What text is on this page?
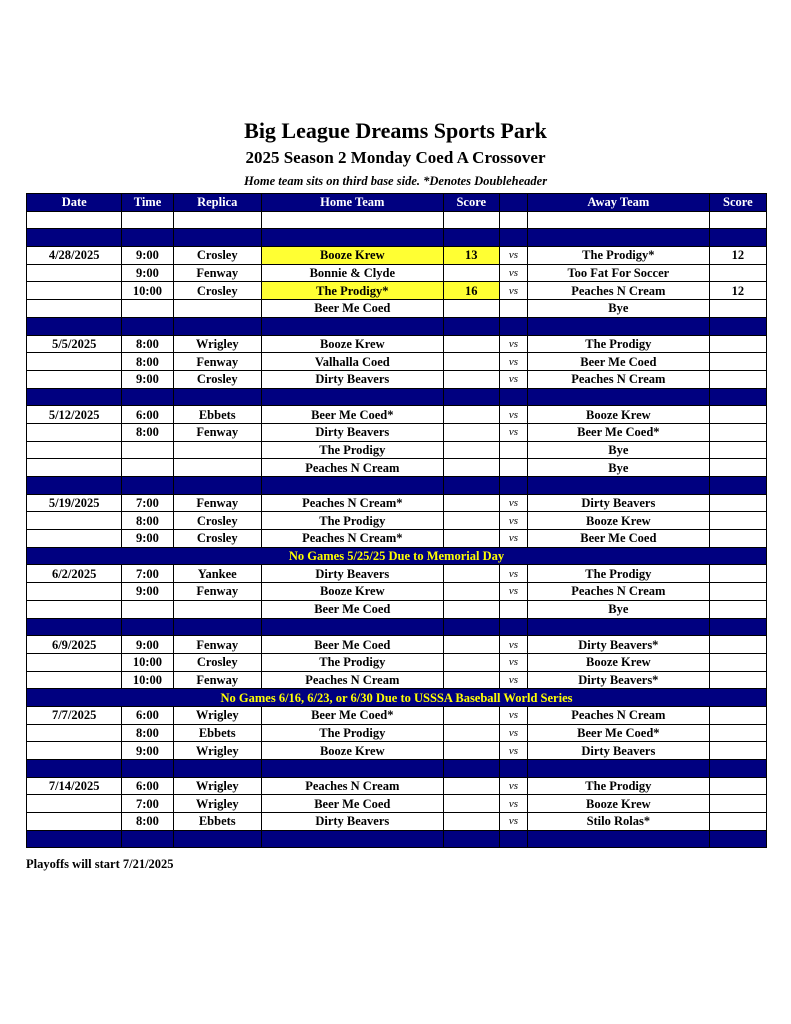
Big League Dreams Sports Park
2025 Season 2 Monday Coed A Crossover
Home team sits on third base side. *Denotes Doubleheader
Date	Time	Replica	Home Team	Score		Away Team	Score

4/28/2025	9:00	Crosley	Booze Krew	13	vs	The Prodigy*	12
	9:00	Fenway	Bonnie & Clyde		vs	Too Fat For Soccer	
	10:00	Crosley	The Prodigy*	16	vs	Peaches N Cream	12
			Beer Me Coed			Bye	

5/5/2025	8:00	Wrigley	Booze Krew		vs	The Prodigy	
	8:00	Fenway	Valhalla Coed		vs	Beer Me Coed	
	9:00	Crosley	Dirty Beavers		vs	Peaches N Cream	

5/12/2025	6:00	Ebbets	Beer Me Coed*		vs	Booze Krew	
	8:00	Fenway	Dirty Beavers		vs	Beer Me Coed*	
			The Prodigy			Bye	
			Peaches N Cream			Bye	

5/19/2025	7:00	Fenway	Peaches N Cream*		vs	Dirty Beavers	
	8:00	Crosley	The Prodigy		vs	Booze Krew	
	9:00	Crosley	Peaches N Cream*		vs	Beer Me Coed	
No Games 5/25/25 Due to Memorial Day							
6/2/2025	7:00	Yankee	Dirty Beavers		vs	The Prodigy	
	9:00	Fenway	Booze Krew		vs	Peaches N Cream	
			Beer Me Coed			Bye	

6/9/2025	9:00	Fenway	Beer Me Coed		vs	Dirty Beavers*	
	10:00	Crosley	The Prodigy		vs	Booze Krew	
	10:00	Fenway	Peaches N Cream		vs	Dirty Beavers*	
No Games 6/16, 6/23, or 6/30 Due to USSSA Baseball World Series							
7/7/2025	6:00	Wrigley	Beer Me Coed*		vs	Peaches N Cream	
	8:00	Ebbets	The Prodigy		vs	Beer Me Coed*	
	9:00	Wrigley	Booze Krew		vs	Dirty Beavers	

7/14/2025	6:00	Wrigley	Peaches N Cream		vs	The Prodigy	
	7:00	Wrigley	Beer Me Coed		vs	Booze Krew	
	8:00	Ebbets	Dirty Beavers		vs	Stilo Rolas*	

Playoffs will start 7/21/2025
